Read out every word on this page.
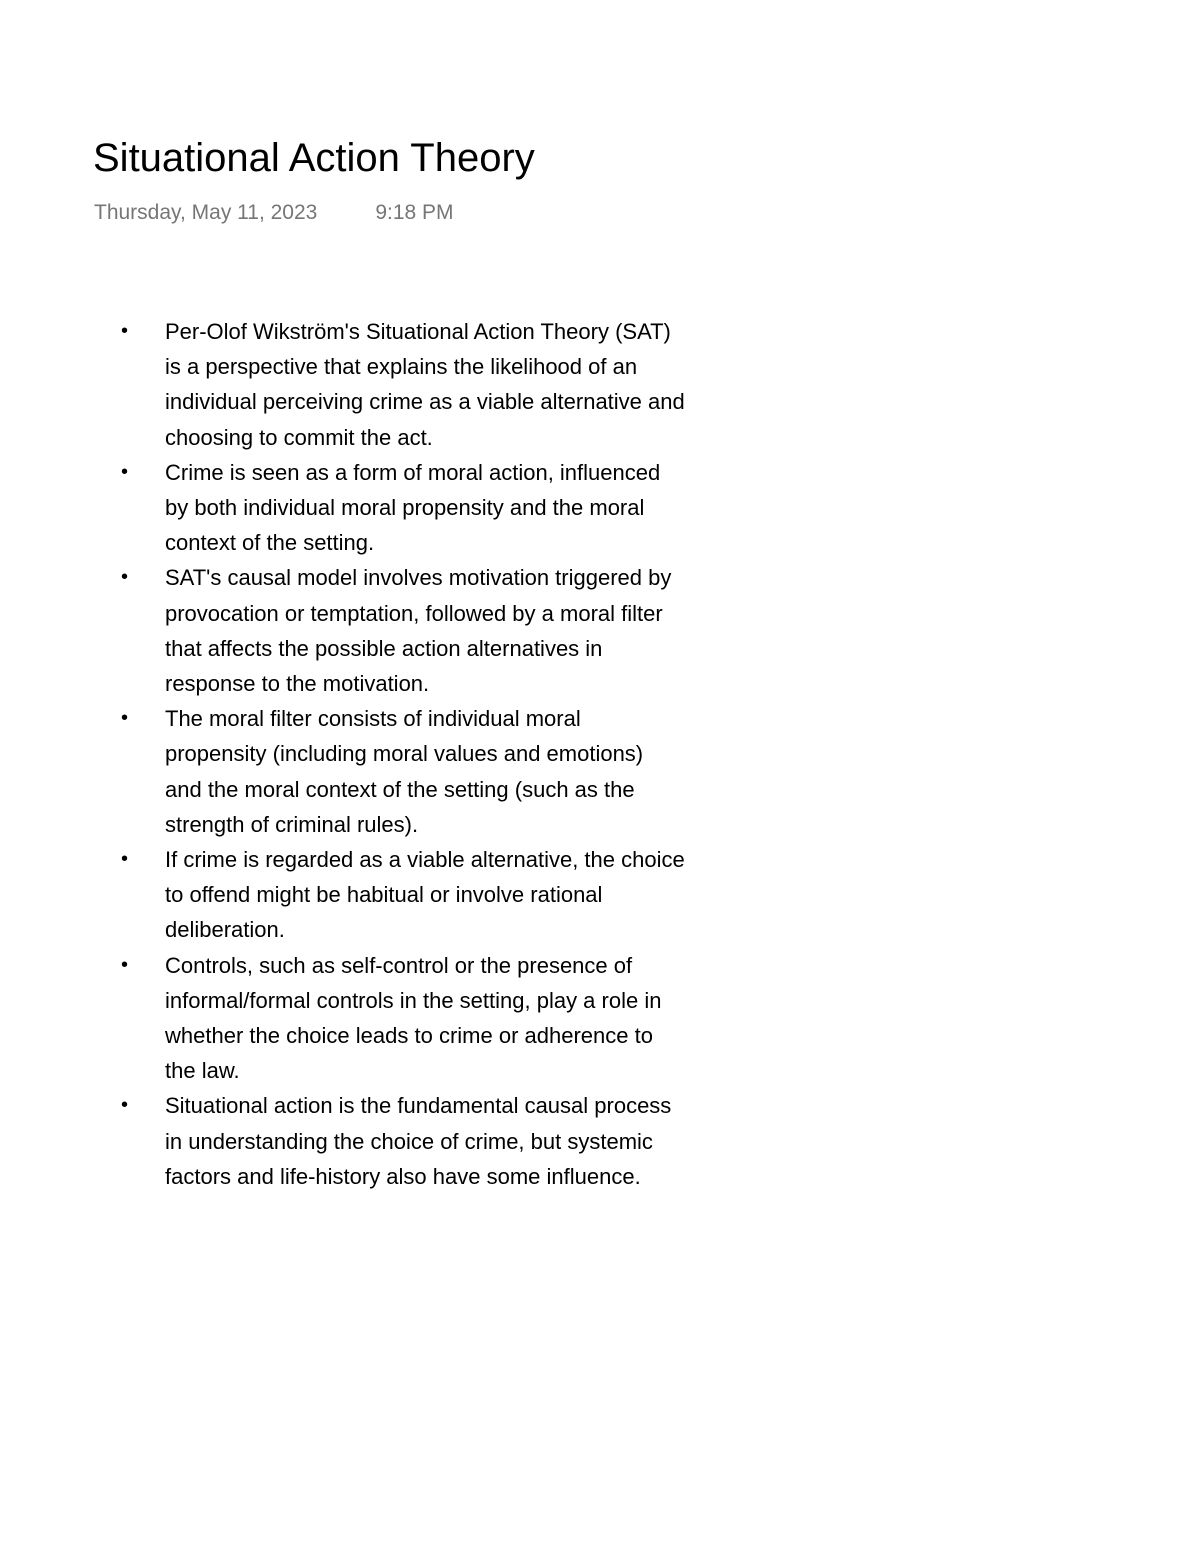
Situational Action Theory
Thursday, May 11, 2023	9:18 PM
• Per-Olof Wikström's Situational Action Theory (SAT) is a perspective that explains the likelihood of an individual perceiving crime as a viable alternative and choosing to commit the act.
• Crime is seen as a form of moral action, influenced by both individual moral propensity and the moral context of the setting.
• SAT's causal model involves motivation triggered by provocation or temptation, followed by a moral filter that affects the possible action alternatives in response to the motivation.
• The moral filter consists of individual moral propensity (including moral values and emotions) and the moral context of the setting (such as the strength of criminal rules).
• If crime is regarded as a viable alternative, the choice to offend might be habitual or involve rational deliberation.
• Controls, such as self-control or the presence of informal/formal controls in the setting, play a role in whether the choice leads to crime or adherence to the law.
• Situational action is the fundamental causal process in understanding the choice of crime, but systemic factors and life-history also have some influence.
